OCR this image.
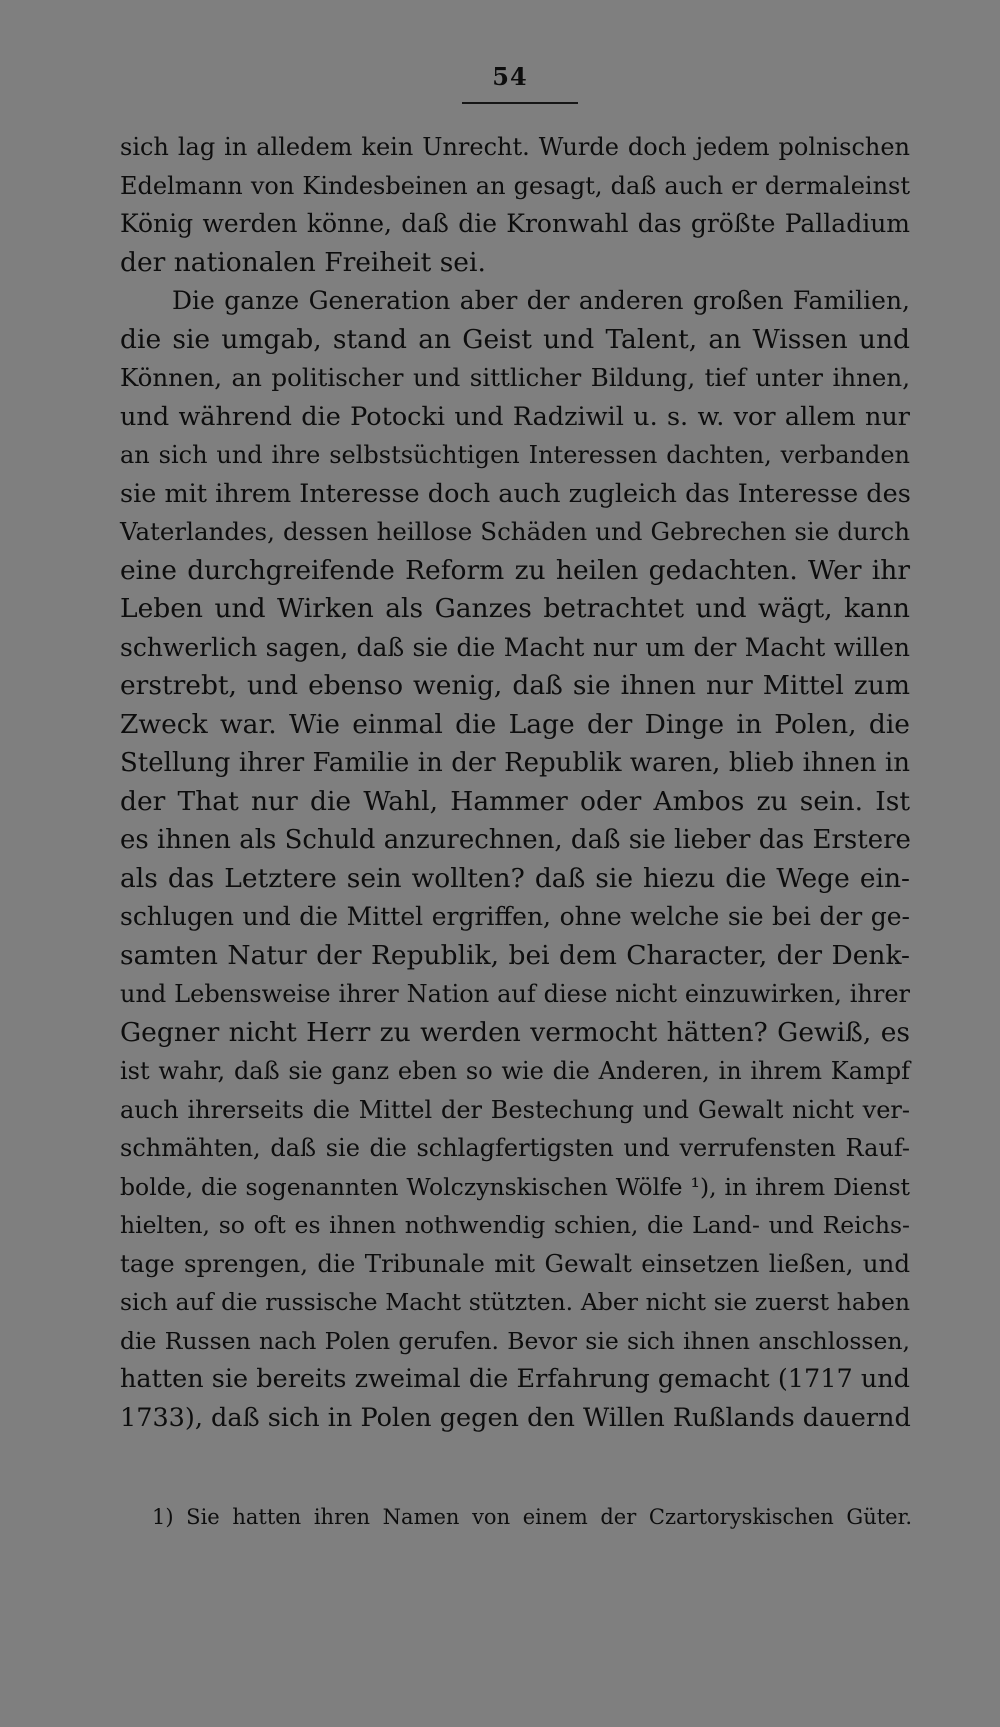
54
sich lag in alledem kein Unrecht. Wurde doch jedem polnischen
Edelmann von Kindesbeinen an gesagt, daß auch er dermaleinst
König werden könne, daß die Kronwahl das größte Palladium
der nationalen Freiheit sei.
Die ganze Generation aber der anderen großen Familien,
die sie umgab, stand an Geist und Talent, an Wissen und
Können, an politischer und sittlicher Bildung, tief unter ihnen,
und während die Potocki und Radziwil u. s. w. vor allem nur
an sich und ihre selbstsüchtigen Interessen dachten, verbanden
sie mit ihrem Interesse doch auch zugleich das Interesse des
Vaterlandes, dessen heillose Schäden und Gebrechen sie durch
eine durchgreifende Reform zu heilen gedachten. Wer ihr
Leben und Wirken als Ganzes betrachtet und wägt, kann
schwerlich sagen, daß sie die Macht nur um der Macht willen
erstrebt, und ebenso wenig, daß sie ihnen nur Mittel zum
Zweck war. Wie einmal die Lage der Dinge in Polen, die
Stellung ihrer Familie in der Republik waren, blieb ihnen in
der That nur die Wahl, Hammer oder Ambos zu sein. Ist
es ihnen als Schuld anzurechnen, daß sie lieber das Erstere
als das Letztere sein wollten? daß sie hiezu die Wege ein-
schlugen und die Mittel ergriffen, ohne welche sie bei der ge-
samten Natur der Republik, bei dem Character, der Denk-
und Lebensweise ihrer Nation auf diese nicht einzuwirken, ihrer
Gegner nicht Herr zu werden vermocht hätten? Gewiß, es
ist wahr, daß sie ganz eben so wie die Anderen, in ihrem Kampf
auch ihrerseits die Mittel der Bestechung und Gewalt nicht ver-
schmähten, daß sie die schlagfertigsten und verrufensten Rauf-
bolde, die sogenannten Wolczynskischen Wölfe ¹), in ihrem Dienst
hielten, so oft es ihnen nothwendig schien, die Land- und Reichs-
tage sprengen, die Tribunale mit Gewalt einsetzen ließen, und
sich auf die russische Macht stützten. Aber nicht sie zuerst haben
die Russen nach Polen gerufen. Bevor sie sich ihnen anschlossen,
hatten sie bereits zweimal die Erfahrung gemacht (1717 und
1733), daß sich in Polen gegen den Willen Rußlands dauernd
1) Sie hatten ihren Namen von einem der Czartoryskischen Güter.
